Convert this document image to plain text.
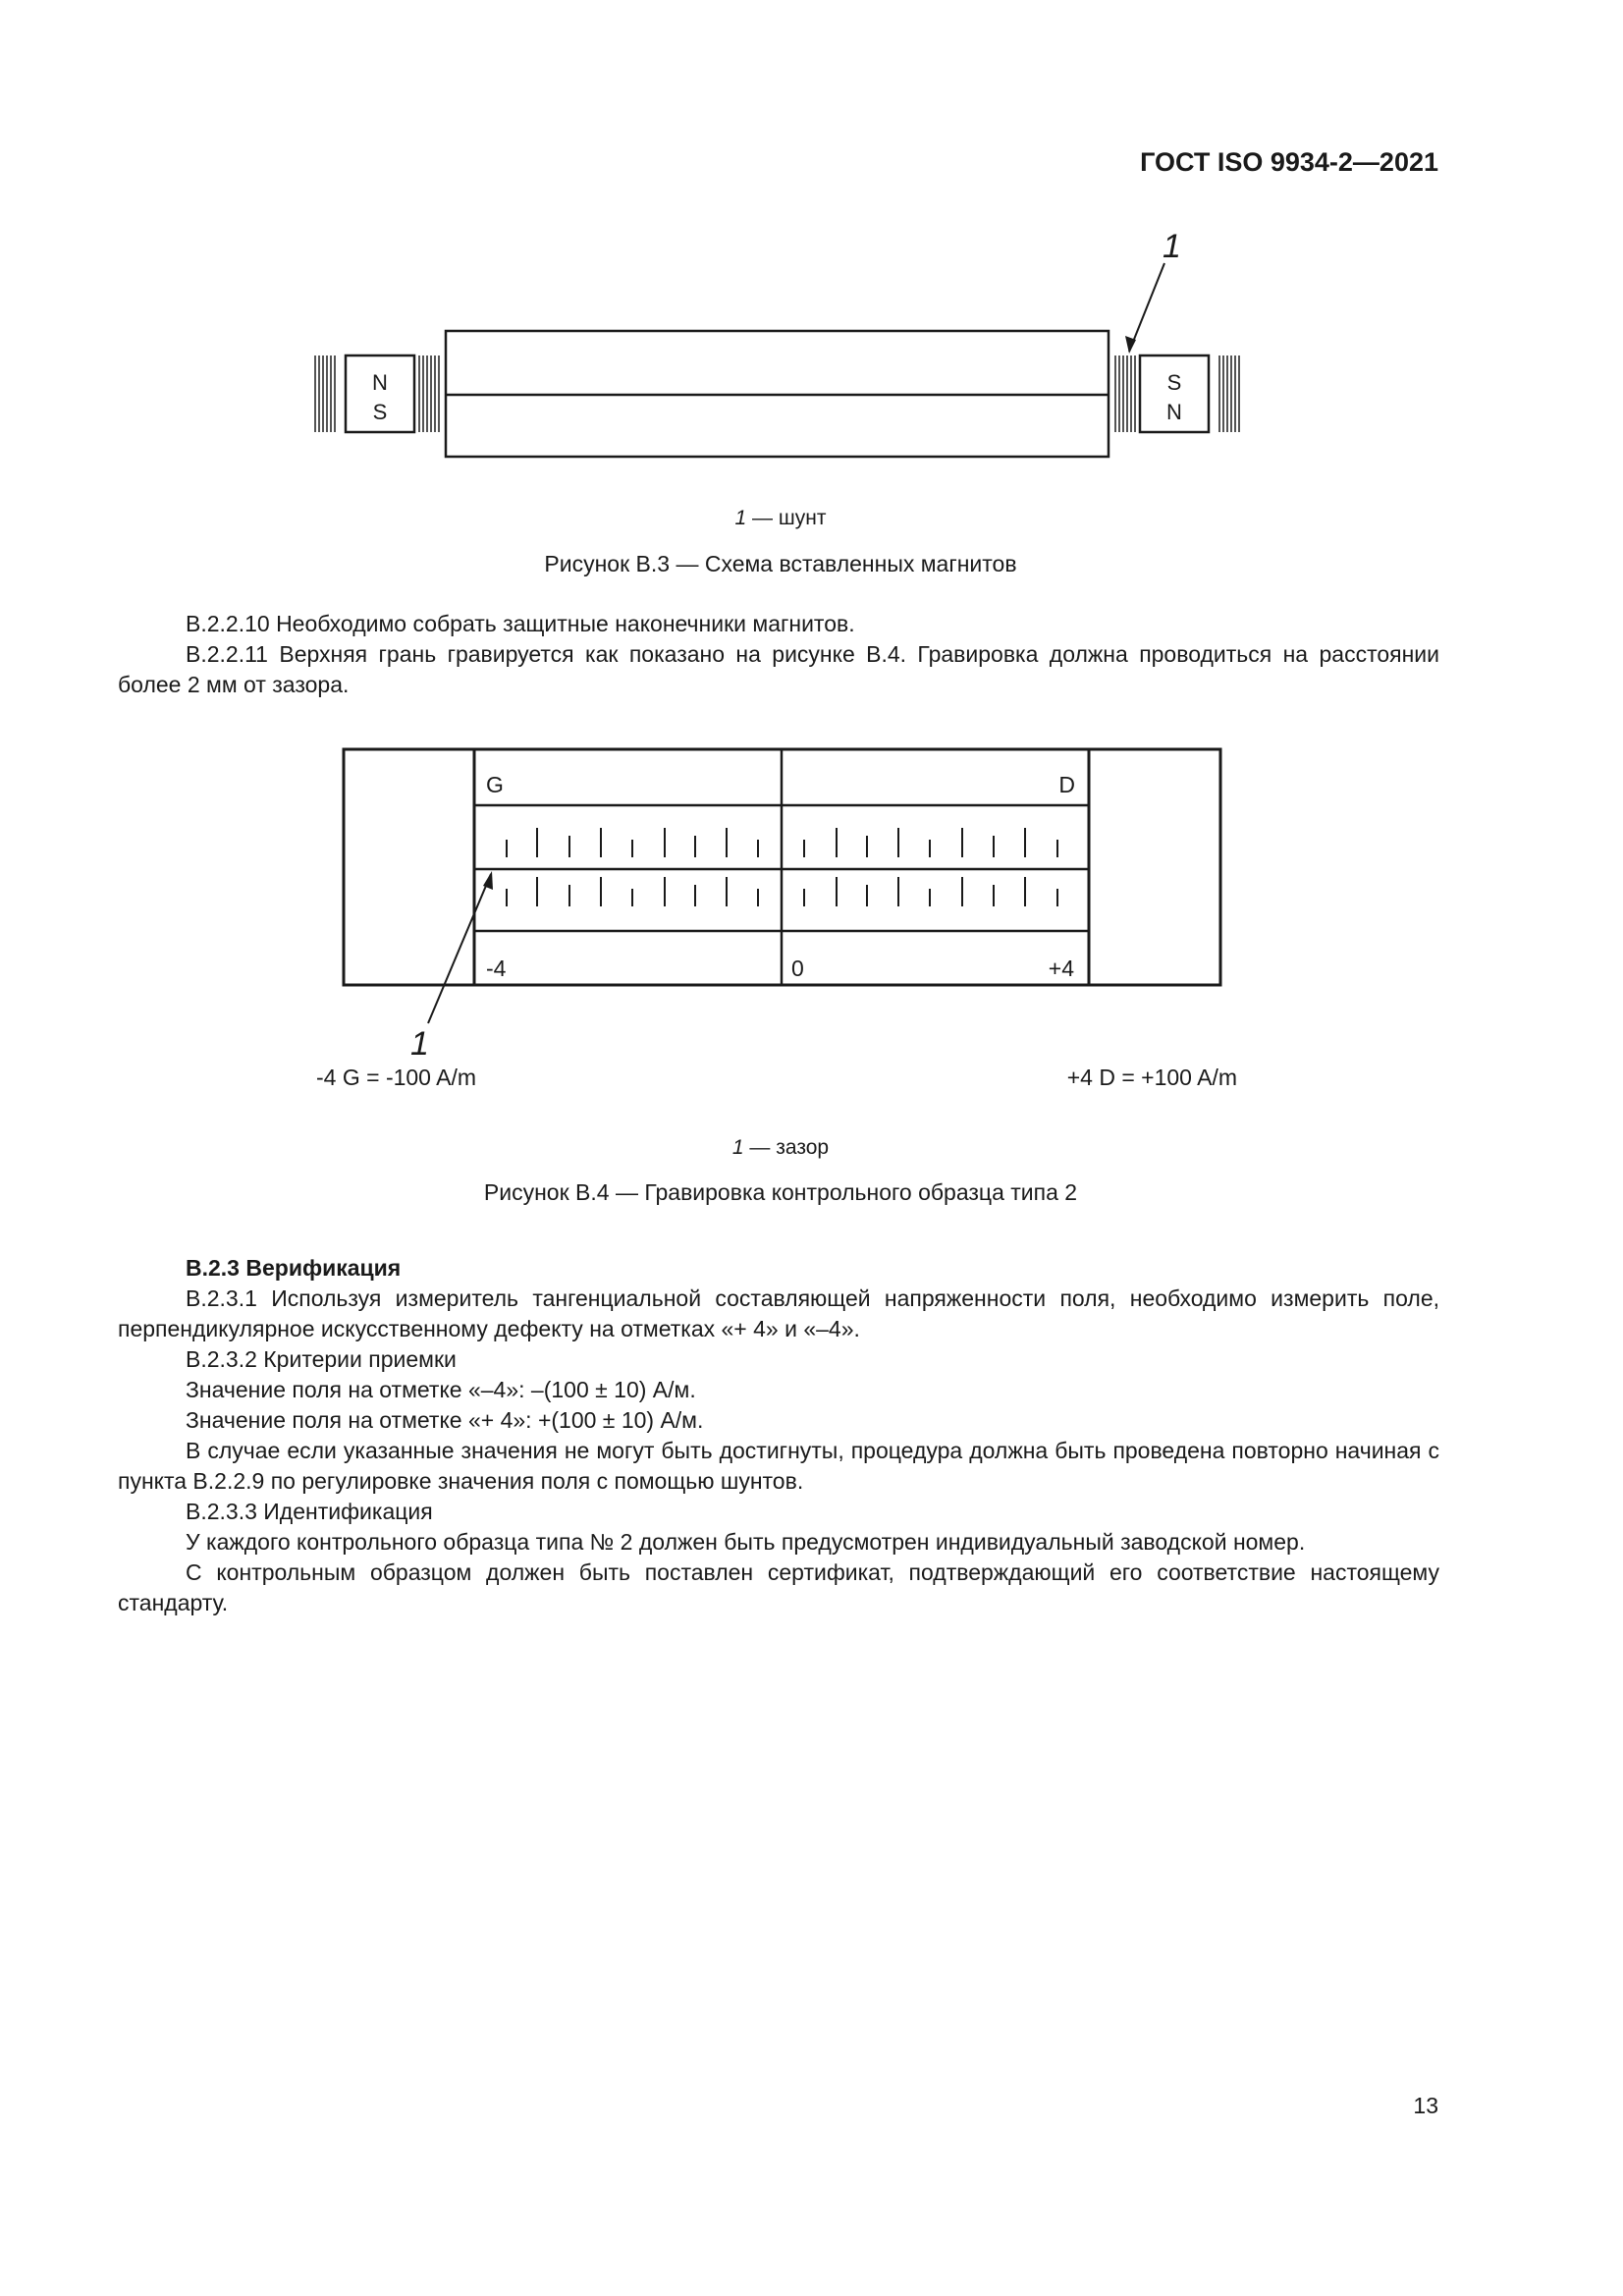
ГОСТ ISO 9934-2—2021
N
S
S
N
1
1 — шунт
Рисунок В.3 — Схема вставленных магнитов

В.2.2.10 Необходимо собрать защитные наконечники магнитов.

В.2.2.11 Верхняя грань гравируется как показано на рисунке В.4. Гравировка должна проводиться на расстоянии более 2 мм от зазора.

G	D
-4	0	+4
1
-4 G = -100 A/m	+4 D = +100 A/m
1 — зазор
Рисунок В.4 — Гравировка контрольного образца типа 2

В.2.3 Верификация

В.2.3.1 Используя измеритель тангенциальной составляющей напряженности поля, необходимо измерить поле, перпендикулярное искусственному дефекту на отметках «+ 4» и «–4».

В.2.3.2 Критерии приемки

Значение поля на отметке «–4»: –(100 ± 10) А/м.

Значение поля на отметке «+ 4»: +(100 ± 10) А/м.

В случае если указанные значения не могут быть достигнуты, процедура должна быть проведена повторно начиная с пункта В.2.2.9 по регулировке значения поля с помощью шунтов.

В.2.3.3 Идентификация

У каждого контрольного образца типа № 2 должен быть предусмотрен индивидуальный заводской номер.

С контрольным образцом должен быть поставлен сертификат, подтверждающий его соответствие настоящему стандарту.

13
